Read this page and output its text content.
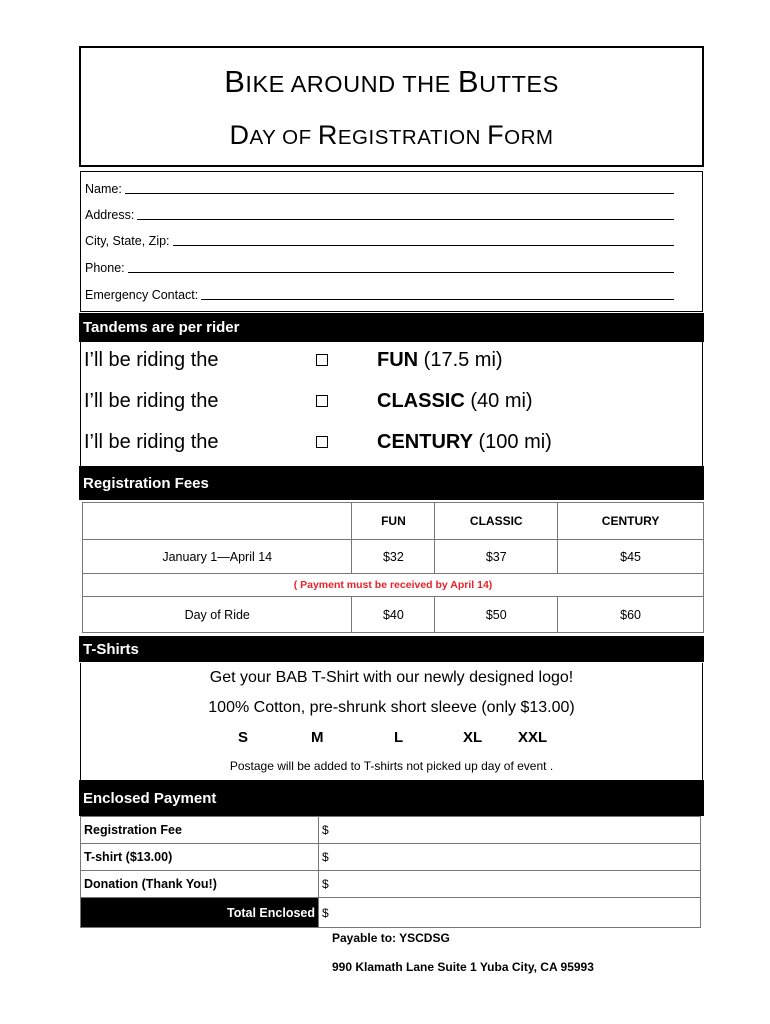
BIKE AROUND THE BUTTES
DAY OF REGISTRATION FORM
Name:
Address:
City, State, Zip:
Phone:
Emergency Contact:
Tandems are per rider
I’ll be riding the	FUN (17.5 mi)
I’ll be riding the	CLASSIC (40 mi)
I’ll be riding the	CENTURY (100 mi)
Registration Fees
	FUN	CLASSIC	CENTURY
January 1—April 14	$32	$37	$45
( Payment must be received by April 14)			
Day of Ride	$40	$50	$60
T-Shirts
Get your BAB T-Shirt with our newly designed logo!
100% Cotton, pre-shrunk short sleeve (only $13.00)
S	M	L	XL XXL
Postage will be added to T-shirts not picked up day of event .
Enclosed Payment
Registration Fee	$
T-shirt ($13.00)	$
Donation (Thank You!)	$
Total Enclosed	$
Payable to: YSCDSG
990 Klamath Lane Suite 1 Yuba City, CA 95993
